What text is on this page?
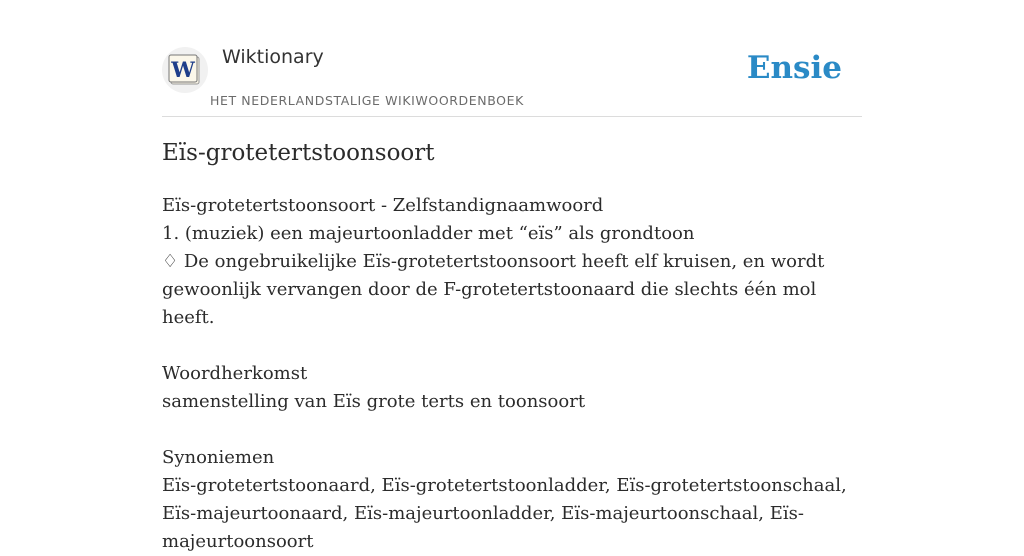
W Wiktionary
HET NEDERLANDSTALIGE WIKIWOORDENBOEK
Ensie
Eïs-grotetertstoonsoort
Eïs-grotetertstoonsoort - Zelfstandignaamwoord
1. (muziek) een majeurtoonladder met “eïs” als grondtoon
♢ De ongebruikelijke Eïs-grotetertstoonsoort heeft elf kruisen, en wordt gewoonlijk vervangen door de F-grotetertstoonaard die slechts één mol heeft.
Woordherkomst
samenstelling van Eïs grote terts en toonsoort
Synoniemen
Eïs-grotetertstoonaard, Eïs-grotetertstoonladder, Eïs-grotetertstoonschaal, Eïs-majeurtoonaard, Eïs-majeurtoonladder, Eïs-majeurtoonschaal, Eïs-majeurtoonsoort
